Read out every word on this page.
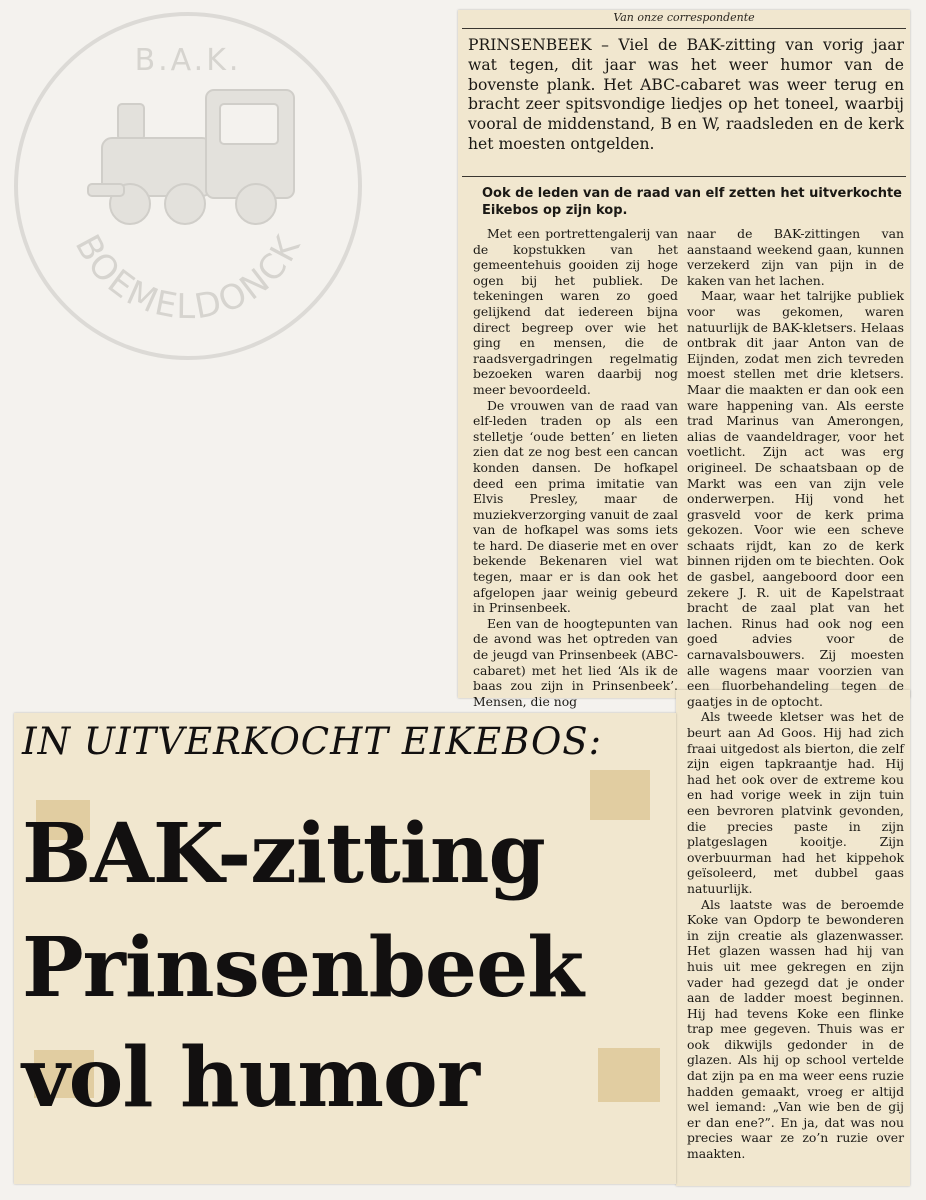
B.A.K.
BOEMELDONCK
Van onze correspondente

PRINSENBEEK – Viel de BAK-zitting van vorig jaar wat tegen, dit jaar was het weer humor van de bovenste plank. Het ABC-cabaret was weer terug en bracht zeer spitsvondige liedjes op het toneel, waarbij vooral de middenstand, B en W, raadsleden en de kerk het moesten ontgelden.

Ook de leden van de raad van elf zetten het uitverkochte Eikebos op zijn kop.

Met een portrettengalerij van de kopstukken van het gemeentehuis gooiden zij hoge ogen bij het publiek. De tekeningen waren zo goed gelijkend dat iedereen bijna direct begreep over wie het ging en mensen, die de raadsvergadringen regelmatig bezoeken waren daarbij nog meer bevoordeeld.

De vrouwen van de raad van elf-leden traden op als een stelletje ‘oude betten’ en lieten zien dat ze nog best een cancan konden dansen. De hofkapel deed een prima imitatie van Elvis Presley, maar de muziekverzorging vanuit de zaal van de hofkapel was soms iets te hard. De diaserie met en over bekende Bekenaren viel wat tegen, maar er is dan ook het afgelopen jaar weinig gebeurd in Prinsenbeek.

Een van de hoogtepunten van de avond was het optreden van de jeugd van Prinsenbeek (ABC-cabaret) met het lied ‘Als ik de baas zou zijn in Prinsenbeek’. Mensen, die nog

naar de BAK-zittingen van aanstaand weekend gaan, kunnen verzekerd zijn van pijn in de kaken van het lachen.

Maar, waar het talrijke publiek voor was gekomen, waren natuurlijk de BAK-kletsers. Helaas ontbrak dit jaar Anton van de Eijnden, zodat men zich tevreden moest stellen met drie kletsers. Maar die maakten er dan ook een ware happening van. Als eerste trad Marinus van Amerongen, alias de vaandeldrager, voor het voetlicht. Zijn act was erg origineel. De schaatsbaan op de Markt was een van zijn vele onderwerpen. Hij vond het grasveld voor de kerk prima gekozen. Voor wie een scheve schaats rijdt, kan zo de kerk binnen rijden om te biechten. Ook de gasbel, aangeboord door een zekere J. R. uit de Kapelstraat bracht de zaal plat van het lachen. Rinus had ook nog een goed advies voor de carnavalsbouwers. Zij moesten alle wagens maar voorzien van een fluorbehandeling tegen de gaatjes in de optocht.

Als tweede kletser was het de beurt aan Ad Goos. Hij had zich fraai uitgedost als bierton, die zelf zijn eigen tapkraantje had. Hij had het ook over de extreme kou en had vorige week in zijn tuin een bevroren platvink gevonden, die precies paste in zijn platgeslagen kooitje. Zijn overbuurman had het kippehok geïsoleerd, met dubbel gaas natuurlijk.

Als laatste was de beroemde Koke van Opdorp te bewonderen in zijn creatie als glazenwasser. Het glazen wassen had hij van huis uit mee gekregen en zijn vader had gezegd dat je onder aan de ladder moest beginnen. Hij had tevens Koke een flinke trap mee gegeven. Thuis was er ook dikwijls gedonder in de glazen. Als hij op school vertelde dat zijn pa en ma weer eens ruzie hadden gemaakt, vroeg er altijd wel iemand: „Van wie ben de gij er dan ene?”. En ja, dat was nou precies waar ze zo’n ruzie over maakten.

IN UITVERKOCHT EIKEBOS:
BAK-zitting
Prinsenbeek
vol humor
